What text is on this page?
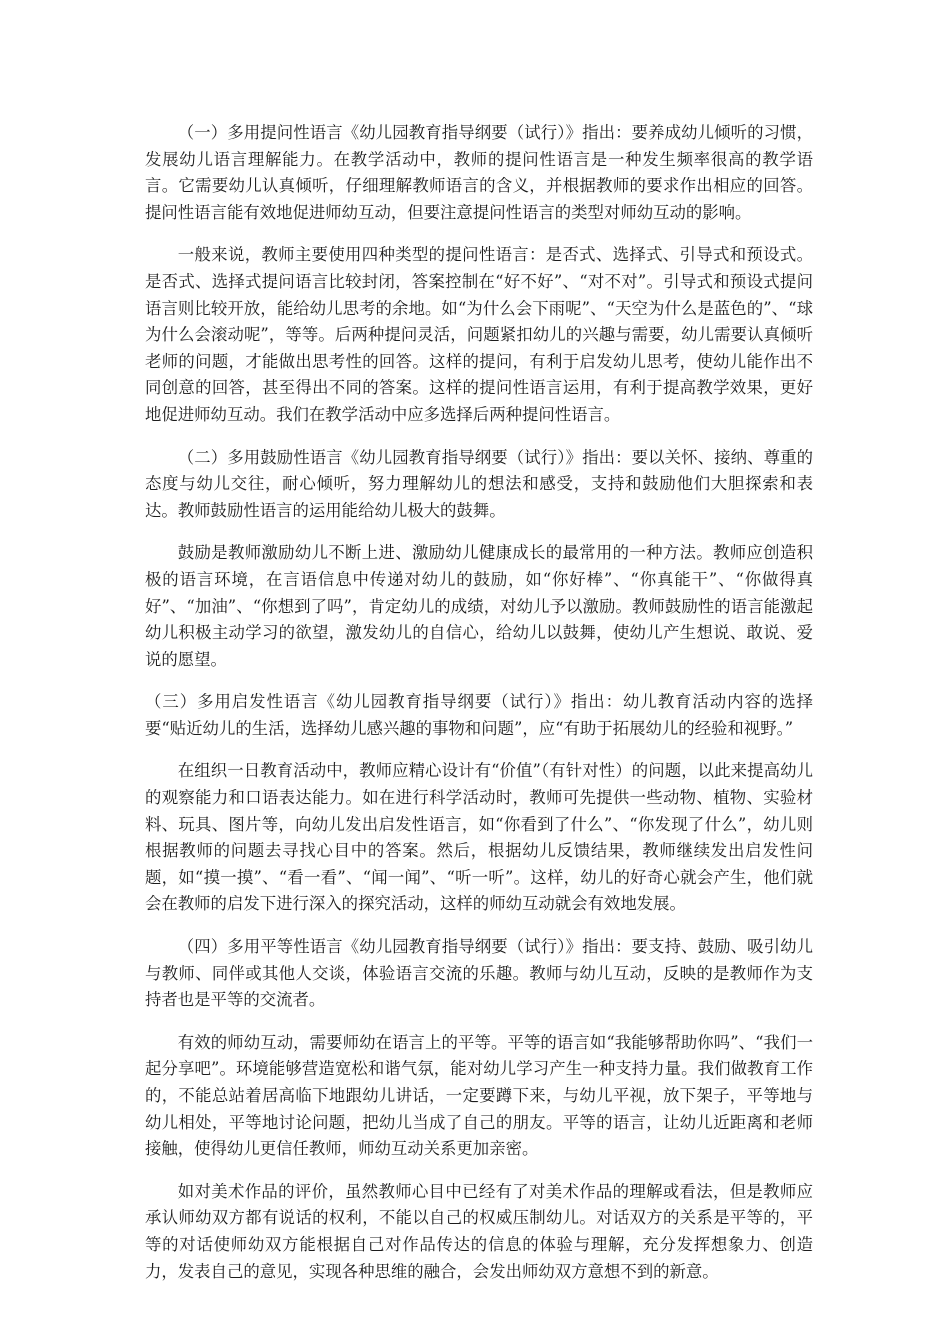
（一）多用提问性语言《幼儿园教育指导纲要（试行）》指出：要养成幼儿倾听的习惯，发展幼儿语言理解能力。在教学活动中，教师的提问性语言是一种发生频率很高的教学语言。它需要幼儿认真倾听，仔细理解教师语言的含义，并根据教师的要求作出相应的回答。提问性语言能有效地促进师幼互动，但要注意提问性语言的类型对师幼互动的影响。

一般来说，教师主要使用四种类型的提问性语言：是否式、选择式、引导式和预设式。是否式、选择式提问语言比较封闭，答案控制在“好不好”、“对不对”。引导式和预设式提问语言则比较开放，能给幼儿思考的余地。如“为什么会下雨呢”、“天空为什么是蓝色的”、“球为什么会滚动呢”，等等。后两种提问灵活，问题紧扣幼儿的兴趣与需要，幼儿需要认真倾听老师的问题，才能做出思考性的回答。这样的提问，有利于启发幼儿思考，使幼儿能作出不同创意的回答，甚至得出不同的答案。这样的提问性语言运用，有利于提高教学效果，更好地促进师幼互动。我们在教学活动中应多选择后两种提问性语言。

（二）多用鼓励性语言《幼儿园教育指导纲要（试行）》指出：要以关怀、接纳、尊重的态度与幼儿交往，耐心倾听，努力理解幼儿的想法和感受，支持和鼓励他们大胆探索和表达。教师鼓励性语言的运用能给幼儿极大的鼓舞。

鼓励是教师激励幼儿不断上进、激励幼儿健康成长的最常用的一种方法。教师应创造积极的语言环境，在言语信息中传递对幼儿的鼓励，如“你好棒”、“你真能干”、“你做得真好”、“加油”、“你想到了吗”，肯定幼儿的成绩，对幼儿予以激励。教师鼓励性的语言能激起幼儿积极主动学习的欲望，激发幼儿的自信心，给幼儿以鼓舞，使幼儿产生想说、敢说、爱说的愿望。

（三）多用启发性语言《幼儿园教育指导纲要（试行）》指出：幼儿教育活动内容的选择要“贴近幼儿的生活，选择幼儿感兴趣的事物和问题”，应“有助于拓展幼儿的经验和视野。”

在组织一日教育活动中，教师应精心设计有“价值”（有针对性）的问题，以此来提高幼儿的观察能力和口语表达能力。如在进行科学活动时，教师可先提供一些动物、植物、实验材料、玩具、图片等，向幼儿发出启发性语言，如“你看到了什么”、“你发现了什么”，幼儿则根据教师的问题去寻找心目中的答案。然后，根据幼儿反馈结果，教师继续发出启发性问题，如“摸一摸”、“看一看”、“闻一闻”、“听一听”。这样，幼儿的好奇心就会产生，他们就会在教师的启发下进行深入的探究活动，这样的师幼互动就会有效地发展。

（四）多用平等性语言《幼儿园教育指导纲要（试行）》指出：要支持、鼓励、吸引幼儿与教师、同伴或其他人交谈，体验语言交流的乐趣。教师与幼儿互动，反映的是教师作为支持者也是平等的交流者。

有效的师幼互动，需要师幼在语言上的平等。平等的语言如“我能够帮助你吗”、“我们一起分享吧”。环境能够营造宽松和谐气氛，能对幼儿学习产生一种支持力量。我们做教育工作的，不能总站着居高临下地跟幼儿讲话，一定要蹲下来，与幼儿平视，放下架子，平等地与幼儿相处，平等地讨论问题，把幼儿当成了自己的朋友。平等的语言，让幼儿近距离和老师接触，使得幼儿更信任教师，师幼互动关系更加亲密。

如对美术作品的评价，虽然教师心目中已经有了对美术作品的理解或看法，但是教师应承认师幼双方都有说话的权利，不能以自己的权威压制幼儿。对话双方的关系是平等的，平等的对话使师幼双方能根据自己对作品传达的信息的体验与理解，充分发挥想象力、创造力，发表自己的意见，实现各种思维的融合，会发出师幼双方意想不到的新意。
